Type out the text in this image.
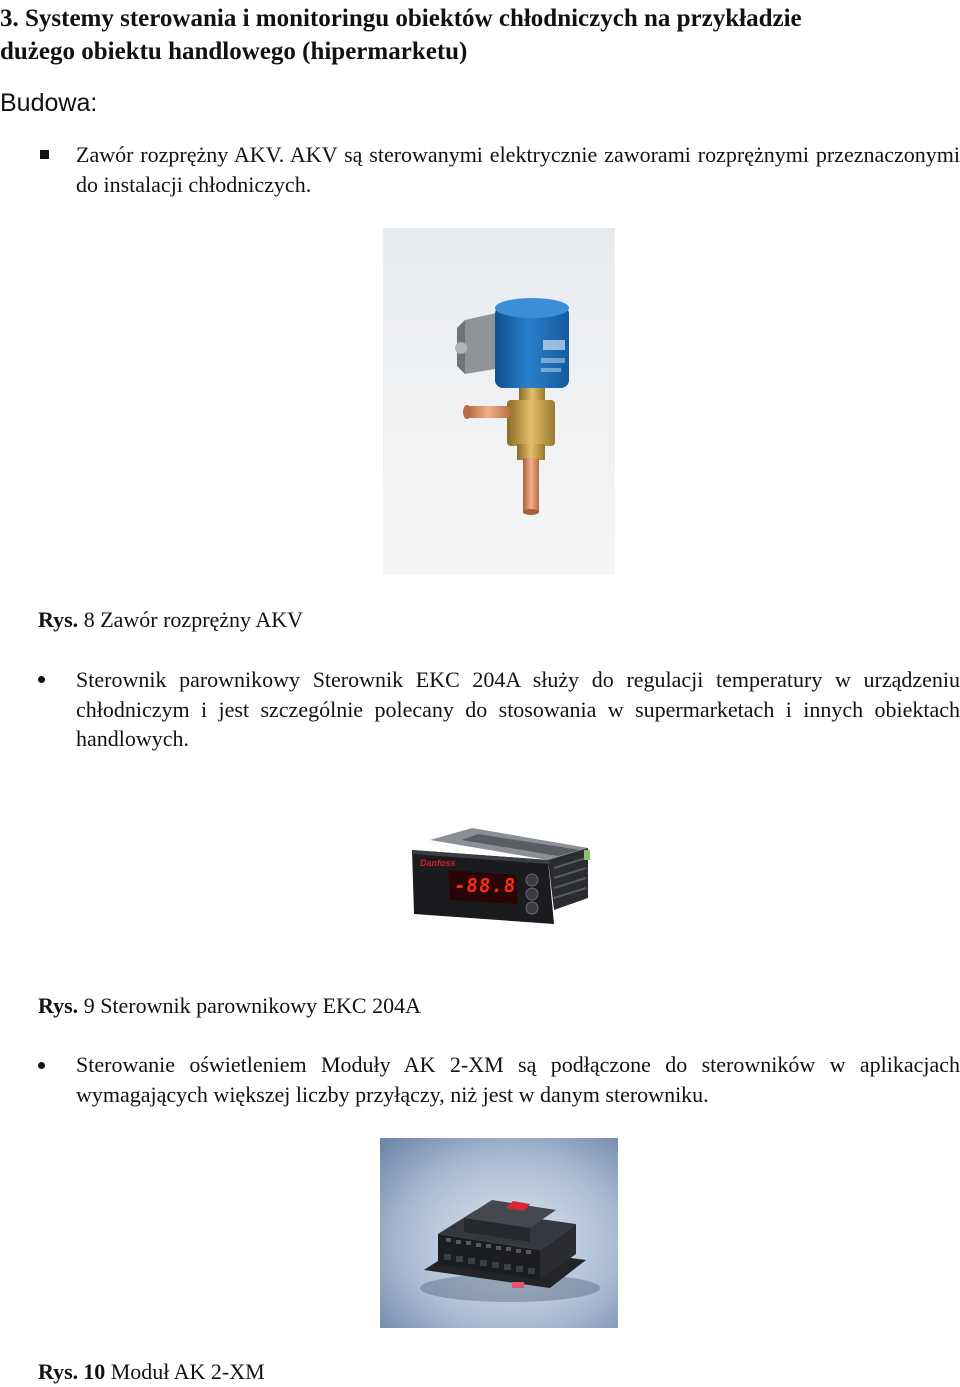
3. Systemy sterowania i monitoringu obiektów chłodniczych na przykładzie
dużego obiektu handlowego (hipermarketu)
Budowa:
Zawór rozprężny AKV. AKV są sterowanymi elektrycznie zaworami rozprężnymi przeznaczonymi do instalacji chłodniczych.
Rys. 8 Zawór rozprężny AKV
Sterownik parownikowy Sterownik EKC 204A służy do regulacji temperatury w urządzeniu chłodniczym i jest szczególnie polecany do stosowania w supermarketach i innych obiektach handlowych.
Danfoss
-88.8
Rys. 9 Sterownik parownikowy EKC 204A
Sterowanie oświetleniem Moduły AK 2-XM są podłączone do sterowników w aplikacjach wymagających większej liczby przyłączy, niż jest w danym sterowniku.
Rys. 10 Moduł AK 2-XM
